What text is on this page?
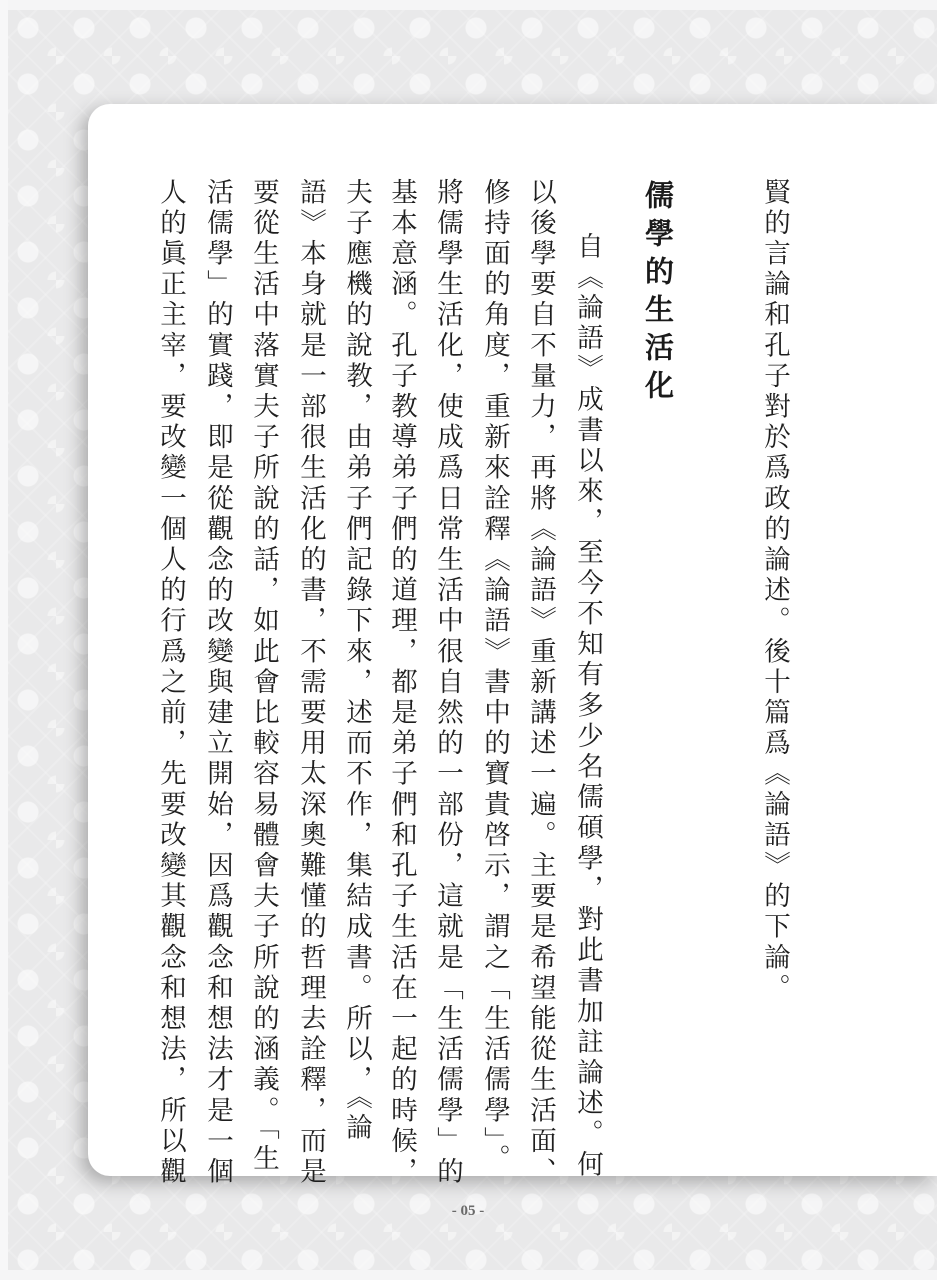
賢的言論和孔子對於爲政的論述。後十篇爲《論語》的下論。
儒學的生活化
自《論語》成書以來，至今不知有多少名儒碩學，對此書加註論述。何
以後學要自不量力，再將《論語》重新講述一遍。主要是希望能從生活面、
修持面的角度，重新來詮釋《論語》書中的寶貴啓示，謂之「生活儒學」。
將儒學生活化，使成爲日常生活中很自然的一部份，這就是「生活儒學」的
基本意涵。孔子教導弟子們的道理，都是弟子們和孔子生活在一起的時候，
夫子應機的說教，由弟子們記錄下來，述而不作，集結成書。所以，《論
語》本身就是一部很生活化的書，不需要用太深奧難懂的哲理去詮釋，而是
要從生活中落實夫子所說的話，如此會比較容易體會夫子所說的涵義。「生
活儒學」的實踐，即是從觀念的改變與建立開始，因爲觀念和想法才是一個
人的眞正主宰，要改變一個人的行爲之前，先要改變其觀念和想法，所以觀
- 05 -
